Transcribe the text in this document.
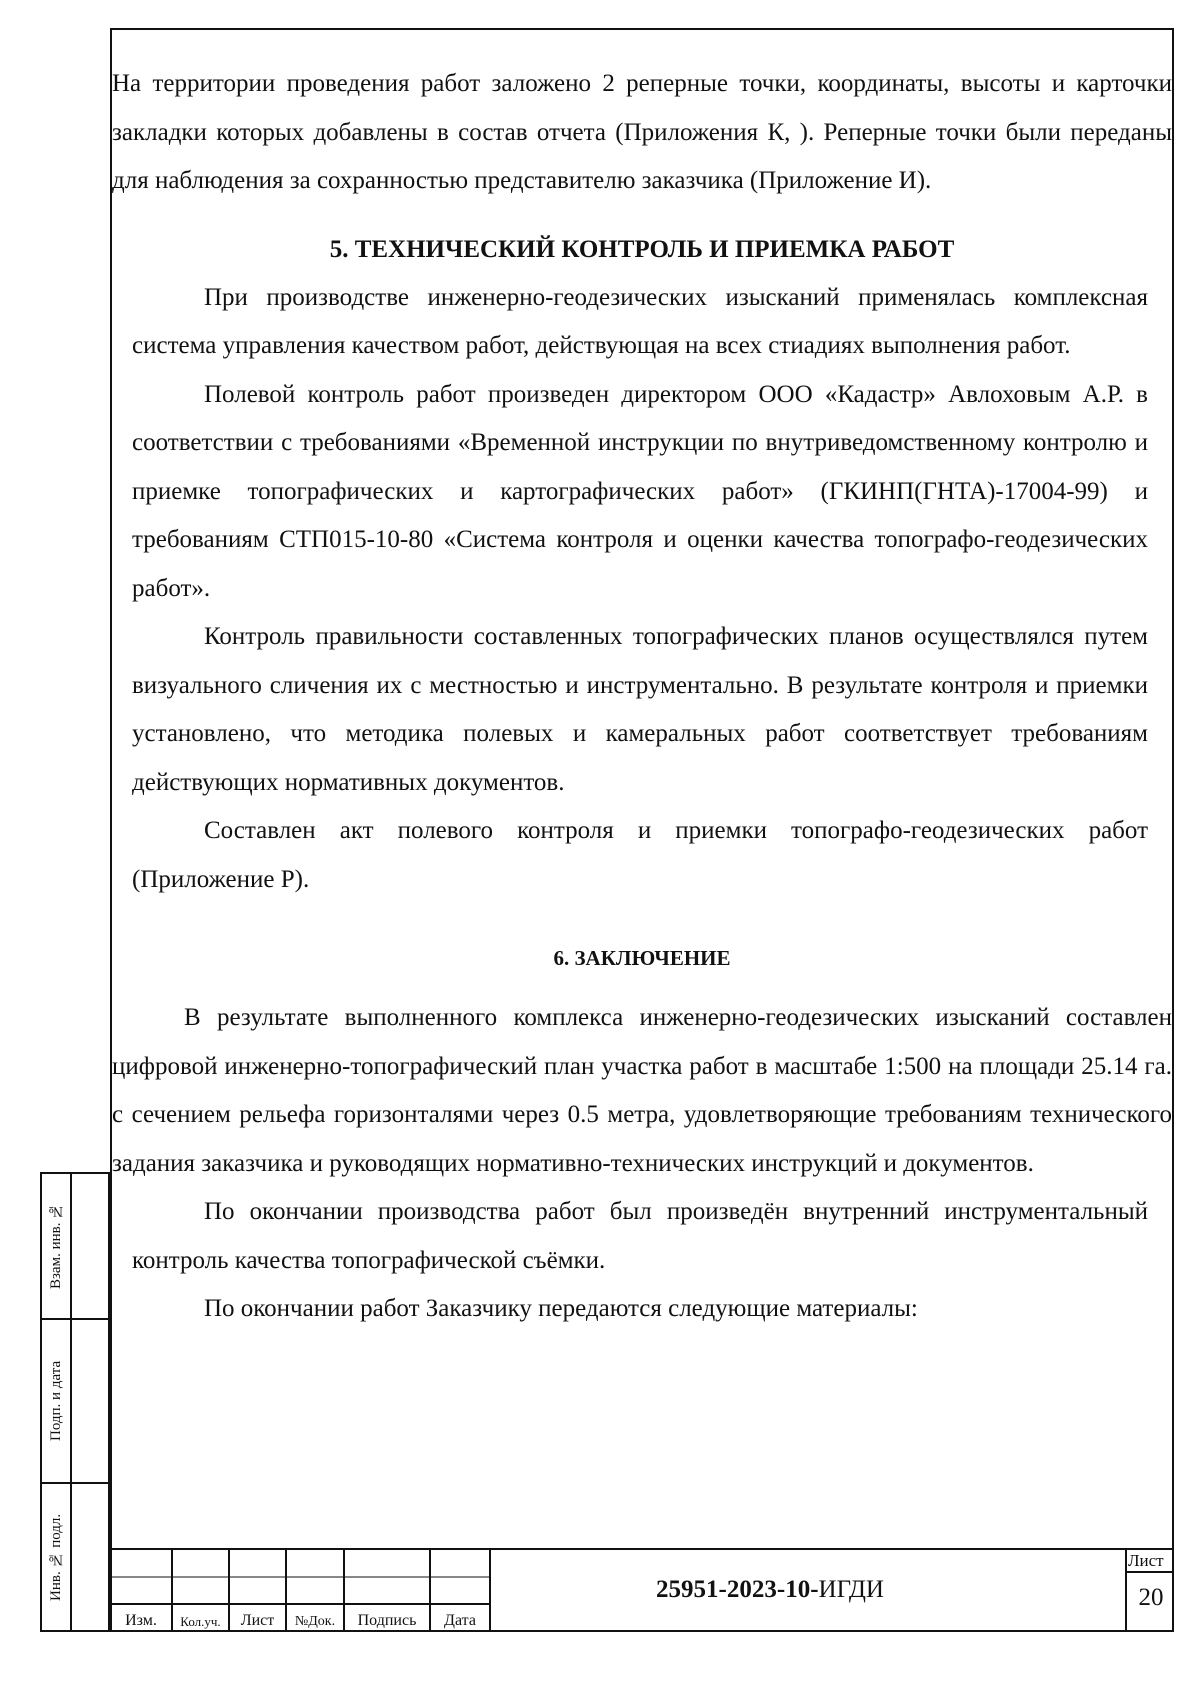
На территории проведения работ заложено 2 реперные точки, координаты, высоты и карточки закладки которых добавлены в состав отчета (Приложения К, ). Реперные точки были переданы для наблюдения за сохранностью представителю заказчика (Приложение И).

5. ТЕХНИЧЕСКИЙ КОНТРОЛЬ И ПРИЕМКА РАБОТ

При производстве инженерно-геодезических изысканий применялась комплексная система управления качеством работ, действующая на всех стиадиях выполнения работ.

Полевой контроль работ произведен директором ООО «Кадастр» Авлоховым А.Р. в соответствии с требованиями «Временной инструкции по внутриведомственному контролю и приемке топографических и картографических работ» (ГКИНП(ГНТА)-17004-99) и требованиям СТП015-10-80 «Система контроля и оценки качества топографо-геодезических работ».

Контроль правильности составленных топографических планов осуществлялся путем визуального сличения их с местностью и инструментально. В результате контроля и приемки установлено, что методика полевых и камеральных работ соответствует требованиям действующих нормативных документов.

Составлен акт полевого контроля и приемки топографо-геодезических работ (Приложение Р).

6. ЗАКЛЮЧЕНИЕ

В результате выполненного комплекса инженерно-геодезических изысканий составлен цифровой инженерно-топографический план участка работ в масштабе 1:500 на площади 25.14 га. с сечением рельефа горизонталями через 0.5 метра, удовлетворяющие требованиям технического задания заказчика и руководящих нормативно-технических инструкций и документов.

По окончании производства работ был произведён внутренний инструментальный контроль качества топографической съёмки.

По окончании работ Заказчику передаются следующие материалы:

Взам. инв. №
Подп. и дата
Инв. № подл.
Изм.	Кол.уч.	Лист	№Док.	Подпись	Дата
25951-2023-10-ИГДИ
Лист
20
